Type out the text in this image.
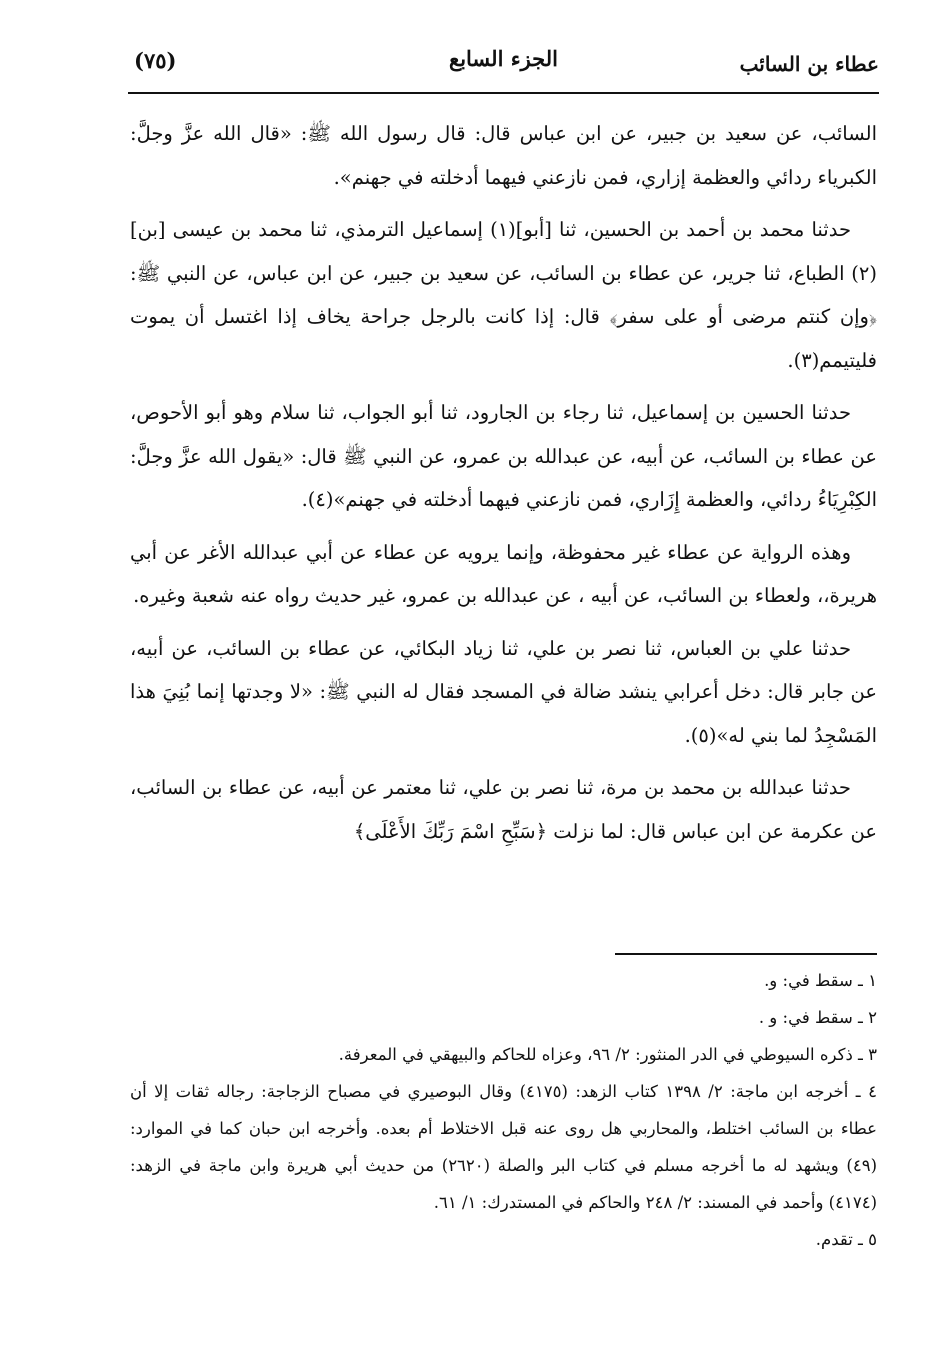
عطاء بن السائب
الجزء السابع
(٧٥)

السائب، عن سعيد بن جبير، عن ابن عباس قال: قال رسول الله ﷺ: «قال الله عزَّ وجلَّ: الكبرياء ردائي والعظمة إزاري، فمن نازعني فيهما أدخلته في جهنم».

حدثنا محمد بن أحمد بن الحسين، ثنا [أبو](١) إسماعيل الترمذي، ثنا محمد بن عيسى [بن](٢) الطباع، ثنا جرير، عن عطاء بن السائب، عن سعيد بن جبير، عن ابن عباس، عن النبي ﷺ: ﴿وإن كنتم مرضى أو على سفر﴾ قال: إذا كانت بالرجل جراحة يخاف إذا اغتسل أن يموت فليتيمم(٣).

حدثنا الحسين بن إسماعيل، ثنا رجاء بن الجارود، ثنا أبو الجواب، ثنا سلام وهو أبو الأحوص، عن عطاء بن السائب، عن أبيه، عن عبدالله بن عمرو، عن النبي ﷺ قال: «يقول الله عزَّ وجلَّ: الكِبْرِيَاءُ ردائي، والعظمة إِزَاري، فمن نازعني فيهما أدخلته في جهنم»(٤).

وهذه الرواية عن عطاء غير محفوظة، وإنما يرويه عن عطاء عن أبي عبدالله الأغر عن أبي هريرة،، ولعطاء بن السائب، عن أبيه ، عن عبدالله بن عمرو، غير حديث رواه عنه شعبة وغيره.

حدثنا علي بن العباس، ثنا نصر بن علي، ثنا زياد البكائي، عن عطاء بن السائب، عن أبيه، عن جابر قال: دخل أعرابي ينشد ضالة في المسجد فقال له النبي ﷺ: «لا وجدتها إنما بُنِيَ هذا المَسْجِدُ لما بني له»(٥).

حدثنا عبدالله بن محمد بن مرة، ثنا نصر بن علي، ثنا معتمر عن أبيه، عن عطاء بن السائب، عن عكرمة عن ابن عباس قال: لما نزلت ﴿سَبِّحِ اسْمَ رَبِّكَ الأَعْلَى﴾

١ ـ سقط في: و.

٢ ـ سقط في: و .

٣ ـ ذكره السيوطي في الدر المنثور: ٢/ ٩٦، وعزاه للحاكم والبيهقي في المعرفة.

٤ ـ أخرجه ابن ماجة: ٢/ ١٣٩٨ كتاب الزهد: (٤١٧٥) وقال البوصيري في مصباح الزجاجة: رجاله ثقات إلا أن عطاء بن السائب اختلط، والمحاربي هل روى عنه قبل الاختلاط أم بعده. وأخرجه ابن حبان كما في الموارد: (٤٩) ويشهد له ما أخرجه مسلم في كتاب البر والصلة (٢٦٢٠) من حديث أبي هريرة وابن ماجة في الزهد: (٤١٧٤) وأحمد في المسند: ٢/ ٢٤٨ والحاكم في المستدرك: ١/ ٦١.

٥ ـ تقدم.
